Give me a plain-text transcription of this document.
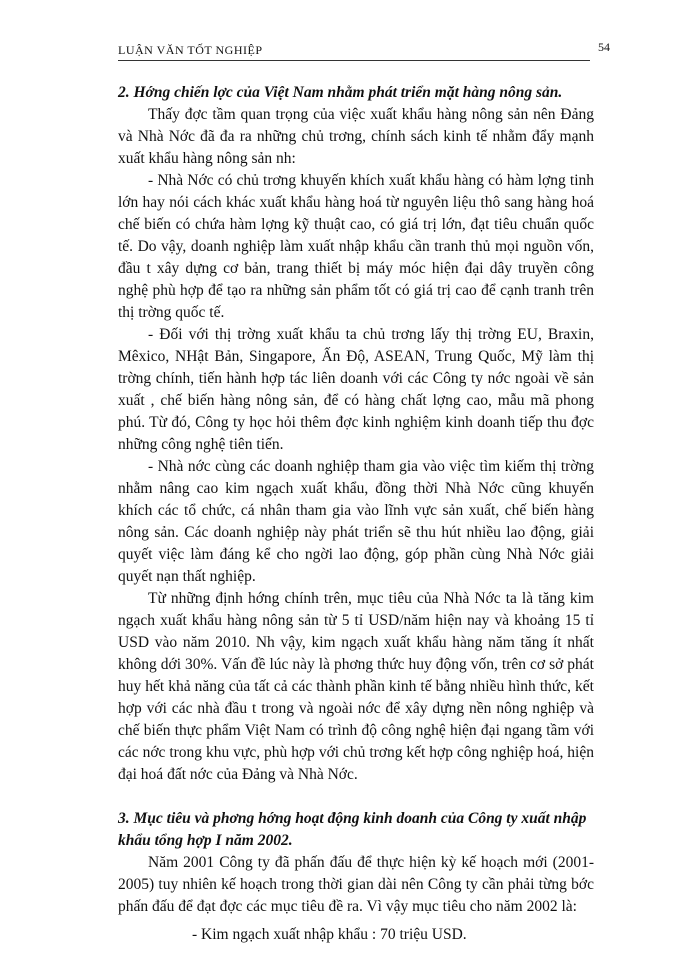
LUẬN VĂN TỐT NGHIỆP	54

2. Hớng chiến lợc của Việt Nam nhằm phát triển mặt hàng nông sản.

Thấy đợc tầm quan trọng của việc xuất khẩu hàng nông sản nên Đảng và Nhà Nớc đã đa ra những chủ trơng, chính sách kinh tế nhằm đẩy mạnh xuất khẩu hàng nông sản nh:

- Nhà Nớc có chủ trơng khuyến khích xuất khẩu hàng có hàm lợng tinh lớn hay nói cách khác xuất khẩu hàng hoá từ nguyên liệu thô sang hàng hoá chế biến có chứa hàm lợng kỹ thuật cao, có giá trị lớn, đạt tiêu chuẩn quốc tế. Do vậy, doanh nghiệp làm xuất nhập khẩu cần tranh thủ mọi nguồn vốn, đầu t xây dựng cơ bản, trang thiết bị máy móc hiện đại dây truyền công nghệ phù hợp để tạo ra những sản phẩm tốt có giá trị cao để cạnh tranh trên thị trờng quốc tế.

- Đối với thị trờng xuất khẩu ta chủ trơng lấy thị trờng EU, Braxin, Mêxico, NHật Bản, Singapore, Ấn Độ, ASEAN, Trung Quốc, Mỹ làm thị trờng chính, tiến hành hợp tác liên doanh với các Công ty nớc ngoài về sản xuất , chế biến hàng nông sản, để có hàng chất lợng cao, mẫu mã phong phú. Từ đó, Công ty học hỏi thêm đợc kinh nghiệm kinh doanh tiếp thu đợc những công nghệ tiên tiến.

- Nhà nớc cùng các doanh nghiệp tham gia vào việc tìm kiếm thị trờng nhằm nâng cao kim ngạch xuất khẩu, đồng thời Nhà Nớc cũng khuyến khích các tổ chức, cá nhân tham gia vào lĩnh vực sản xuất, chế biến hàng nông sản. Các doanh nghiệp này phát triển sẽ thu hút nhiều lao động, giải quyết việc làm đáng kể cho ngời lao động, góp phần cùng Nhà Nớc giải quyết nạn thất nghiệp.

Từ những định hớng chính trên, mục tiêu của Nhà Nớc ta là tăng kim ngạch xuất khẩu hàng nông sản từ 5 tỉ USD/năm hiện nay và khoảng 15 tỉ USD vào năm 2010. Nh vậy, kim ngạch xuất khẩu hàng năm tăng ít nhất không dới 30%. Vấn đề lúc này là phơng thức huy động vốn, trên cơ sở phát huy hết khả năng của tất cả các thành phần kinh tế bằng nhiều hình thức, kết hợp với các nhà đầu t trong và ngoài nớc để xây dựng nền nông nghiệp và chế biến thực phẩm Việt Nam có trình độ công nghệ hiện đại ngang tầm với các nớc trong khu vực, phù hợp với chủ trơng kết hợp công nghiệp hoá, hiện đại hoá đất nớc của Đảng và Nhà Nớc.

3. Mục tiêu và phơng hớng hoạt động kinh doanh của Công ty xuất nhập khẩu tổng hợp I năm 2002.

Năm 2001 Công ty đã phấn đấu để thực hiện kỳ kế hoạch mới (2001-2005) tuy nhiên kế hoạch trong thời gian dài nên Công ty cần phải từng bớc phấn đấu để đạt đợc các mục tiêu đề ra. Vì vậy mục tiêu cho năm 2002 là:

- Kim ngạch xuất nhập khẩu : 70 triệu USD.
